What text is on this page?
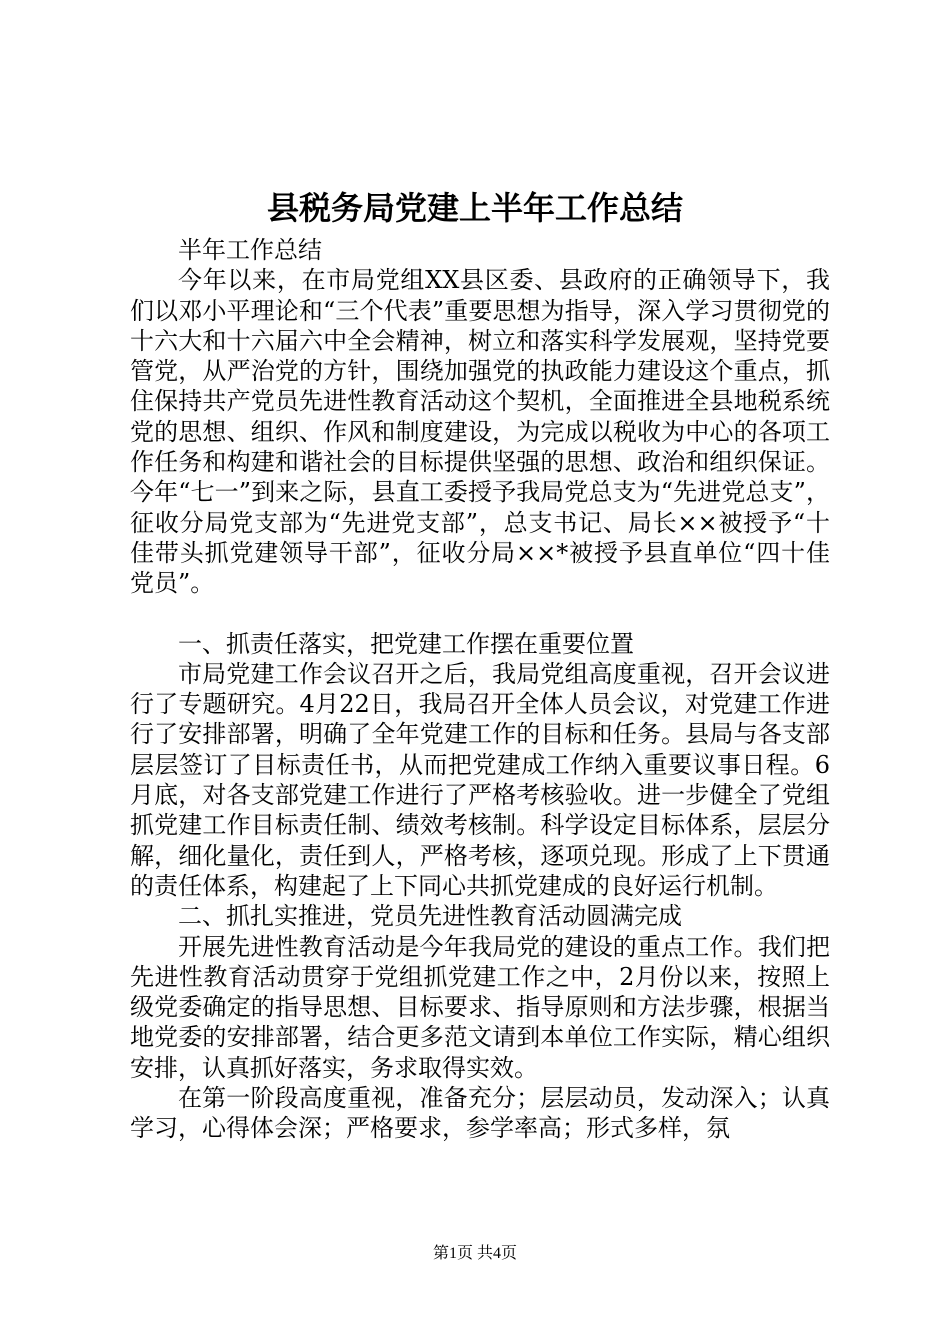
县税务局党建上半年工作总结

半年工作总结

今年以来，在市局党组XX县区委、县政府的正确领导下，我们以邓小平理论和“三个代表”重要思想为指导，深入学习贯彻党的十六大和十六届六中全会精神，树立和落实科学发展观，坚持党要管党，从严治党的方针，围绕加强党的执政能力建设这个重点，抓住保持共产党员先进性教育活动这个契机，全面推进全县地税系统党的思想、组织、作风和制度建设，为完成以税收为中心的各项工作任务和构建和谐社会的目标提供坚强的思想、政治和组织保证。今年“七一”到来之际，县直工委授予我局党总支为“先进党总支”，征收分局党支部为“先进党支部”，总支书记、局长××被授予“十佳带头抓党建领导干部”，征收分局××*被授予县直单位“四十佳党员”。

一、抓责任落实，把党建工作摆在重要位置

市局党建工作会议召开之后，我局党组高度重视，召开会议进行了专题研究。4月22日，我局召开全体人员会议，对党建工作进行了安排部署，明确了全年党建工作的目标和任务。县局与各支部层层签订了目标责任书，从而把党建成工作纳入重要议事日程。6月底，对各支部党建工作进行了严格考核验收。进一步健全了党组抓党建工作目标责任制、绩效考核制。科学设定目标体系，层层分解，细化量化，责任到人，严格考核，逐项兑现。形成了上下贯通的责任体系，构建起了上下同心共抓党建成的良好运行机制。

二、抓扎实推进，党员先进性教育活动圆满完成

开展先进性教育活动是今年我局党的建设的重点工作。我们把先进性教育活动贯穿于党组抓党建工作之中，2月份以来，按照上级党委确定的指导思想、目标要求、指导原则和方法步骤，根据当地党委的安排部署，结合更多范文请到本单位工作实际，精心组织安排，认真抓好落实，务求取得实效。

在第一阶段高度重视，准备充分；层层动员，发动深入；认真学习，心得体会深；严格要求，参学率高；形式多样，氛

第1页 共4页
